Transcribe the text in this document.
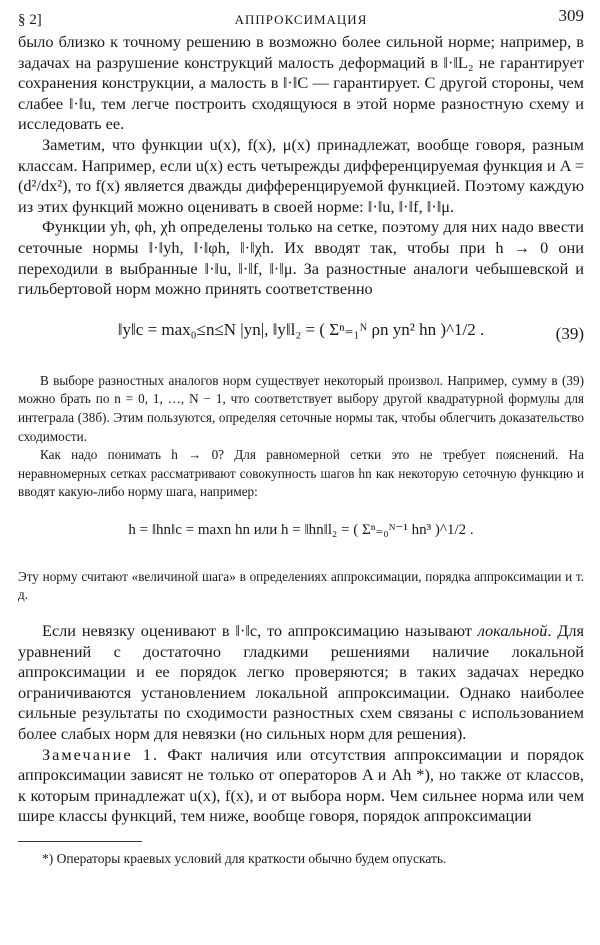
§ 2]	АППРОКСИМАЦИЯ	309

было близко к точному решению в возможно более сильной норме; например, в задачах на разрушение конструкций малость деформаций в ‖·‖L₂ не гарантирует сохранения конструкции, а малость в ‖·‖C — гарантирует. С другой стороны, чем слабее ‖·‖u, тем легче построить сходящуюся в этой норме разностную схему и исследовать ее.

Заметим, что функции u(x), f(x), μ(x) принадлежат, вообще говоря, разным классам. Например, если u(x) есть четырежды дифференцируемая функция и A = (d²/dx²), то f(x) является дважды дифференцируемой функцией. Поэтому каждую из этих функций можно оценивать в своей норме: ‖·‖u, ‖·‖f, ‖·‖μ.

Функции yh, φh, χh определены только на сетке, поэтому для них надо ввести сеточные нормы ‖·‖yh, ‖·‖φh, ‖·‖χh. Их вводят так, чтобы при h → 0 они переходили в выбранные ‖·‖u, ‖·‖f, ‖·‖μ. За разностные аналоги чебышевской и гильбертовой норм можно принять соответственно

‖y‖c = max₀≤n≤N |yn|, ‖y‖l₂ = ( Σⁿ₌₁ᴺ ρn yn² hn )^1/2 .	(39)

В выборе разностных аналогов норм существует некоторый произвол. Например, сумму в (39) можно брать по n = 0, 1, …, N − 1, что соответствует выбору другой квадратурной формулы для интеграла (38б). Этим пользуются, определяя сеточные нормы так, чтобы облегчить доказательство сходимости.

Как надо понимать h → 0? Для равномерной сетки это не требует пояснений. На неравномерных сетках рассматривают совокупность шагов hn как некоторую сеточную функцию и вводят какую-либо норму шага, например:

h = ‖hn‖c = maxn hn или h = ‖hn‖l₂ = ( Σⁿ₌₀ᴺ⁻¹ hn³ )^1/2 .

Эту норму считают «величиной шага» в определениях аппроксимации, порядка аппроксимации и т. д.

Если невязку оценивают в ‖·‖c, то аппроксимацию называют локальной. Для уравнений с достаточно гладкими решениями наличие локальной аппроксимации и ее порядок легко проверяются; в таких задачах нередко ограничиваются установлением локальной аппроксимации. Однако наиболее сильные результаты по сходимости разностных схем связаны с использованием более слабых норм для невязки (но сильных норм для решения).

Замечание 1. Факт наличия или отсутствия аппроксимации и порядок аппроксимации зависят не только от операторов A и Ah *), но также от классов, к которым принадлежат u(x), f(x), и от выбора норм. Чем сильнее норма или чем шире классы функций, тем ниже, вообще говоря, порядок аппроксимации

*) Операторы краевых условий для краткости обычно будем опускать.
